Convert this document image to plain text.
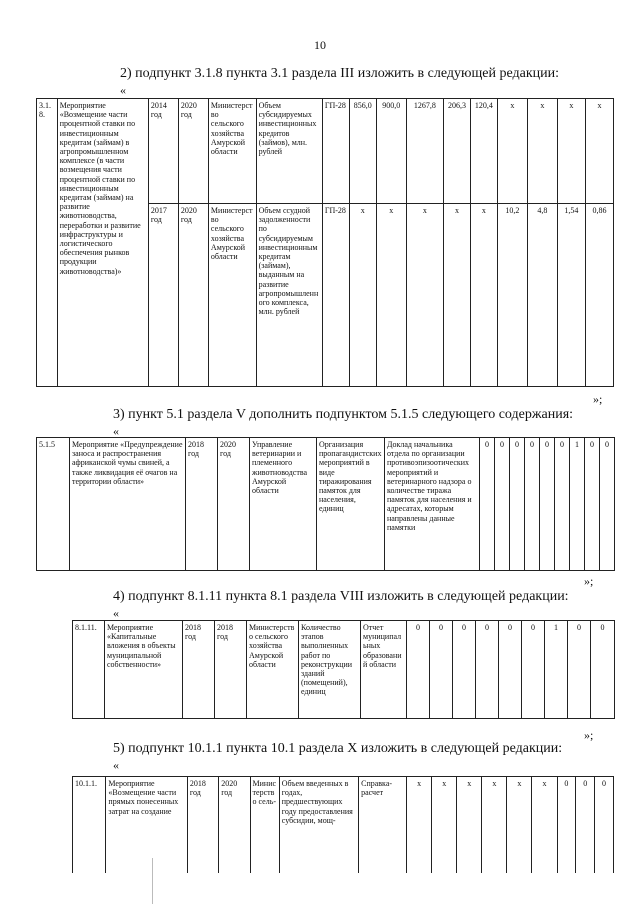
10
2) подпункт 3.1.8 пункта 3.1 раздела III изложить в следующей редакции:
«
3.1.8.	Мероприятие «Возмещение части процентной ставки по инвестиционным кредитам (займам) в агропромышленном комплексе (в части возмещения части процентной ставки по инвестиционным кредитам (займам) на развитие животноводства, переработки и развитие инфраструктуры и логистического обеспечения рынков продукции животноводства)»	2014 год	2020 год	Министерство сельского хозяйства Амурской области	Объем субсидируемых инвестиционных кредитов (займов), млн. рублей	ГП-28	856,0	900,0	1267,8	206,3	120,4	х	х	х	х
		2017 год	2020 год	Министерство сельского хозяйства Амурской области	Объем ссудной задолженности по субсидируемым инвестиционным кредитам (займам), выданным на развитие агропромышленного комплекса, млн. рублей	ГП-28	х	х	х	х	х	10,2	4,8	1,54	0,86
»;
3) пункт 5.1 раздела V дополнить подпунктом 5.1.5 следующего содержания:
«
5.1.5	Мероприятие «Предупреждение заноса и распространения африканской чумы свиней, а также ликвидация её очагов на территории области»	2018 год	2020 год	Управление ветеринарии и племенного животноводства Амурской области	Организация пропагандистских мероприятий в виде тиражирования памяток для населения, единиц	Доклад начальника отдела по организации противоэпизоотических мероприятий и ветеринарного надзора о количестве тиража памяток для населения и адресатах, которым направлены данные памятки	0	0	0	0	0	0	1	0	0
»;
4) подпункт 8.1.11 пункта 8.1 раздела VIII изложить в следующей редакции:
«
8.1.11.	Мероприятие «Капитальные вложения в объекты муниципальной собственности»	2018 год	2018 год	Министерство сельского хозяйства Амурской области	Количество этапов выполненных работ по реконструкции зданий (помещений), единиц	Отчет муниципальных образований области	0	0	0	0	0	0	1	0	0
»;
5) подпункт 10.1.1 пункта 10.1 раздела X изложить в следующей редакции:
«
10.1.1.	Мероприятие «Возмещение части прямых понесенных затрат на создание	2018 год	2020 год	Министерство сель-	Объем введенных в годах, предшествующих году предоставления субсидии, мощ-	Справка-расчет	х	х	х	х	х	х	0	0	0
